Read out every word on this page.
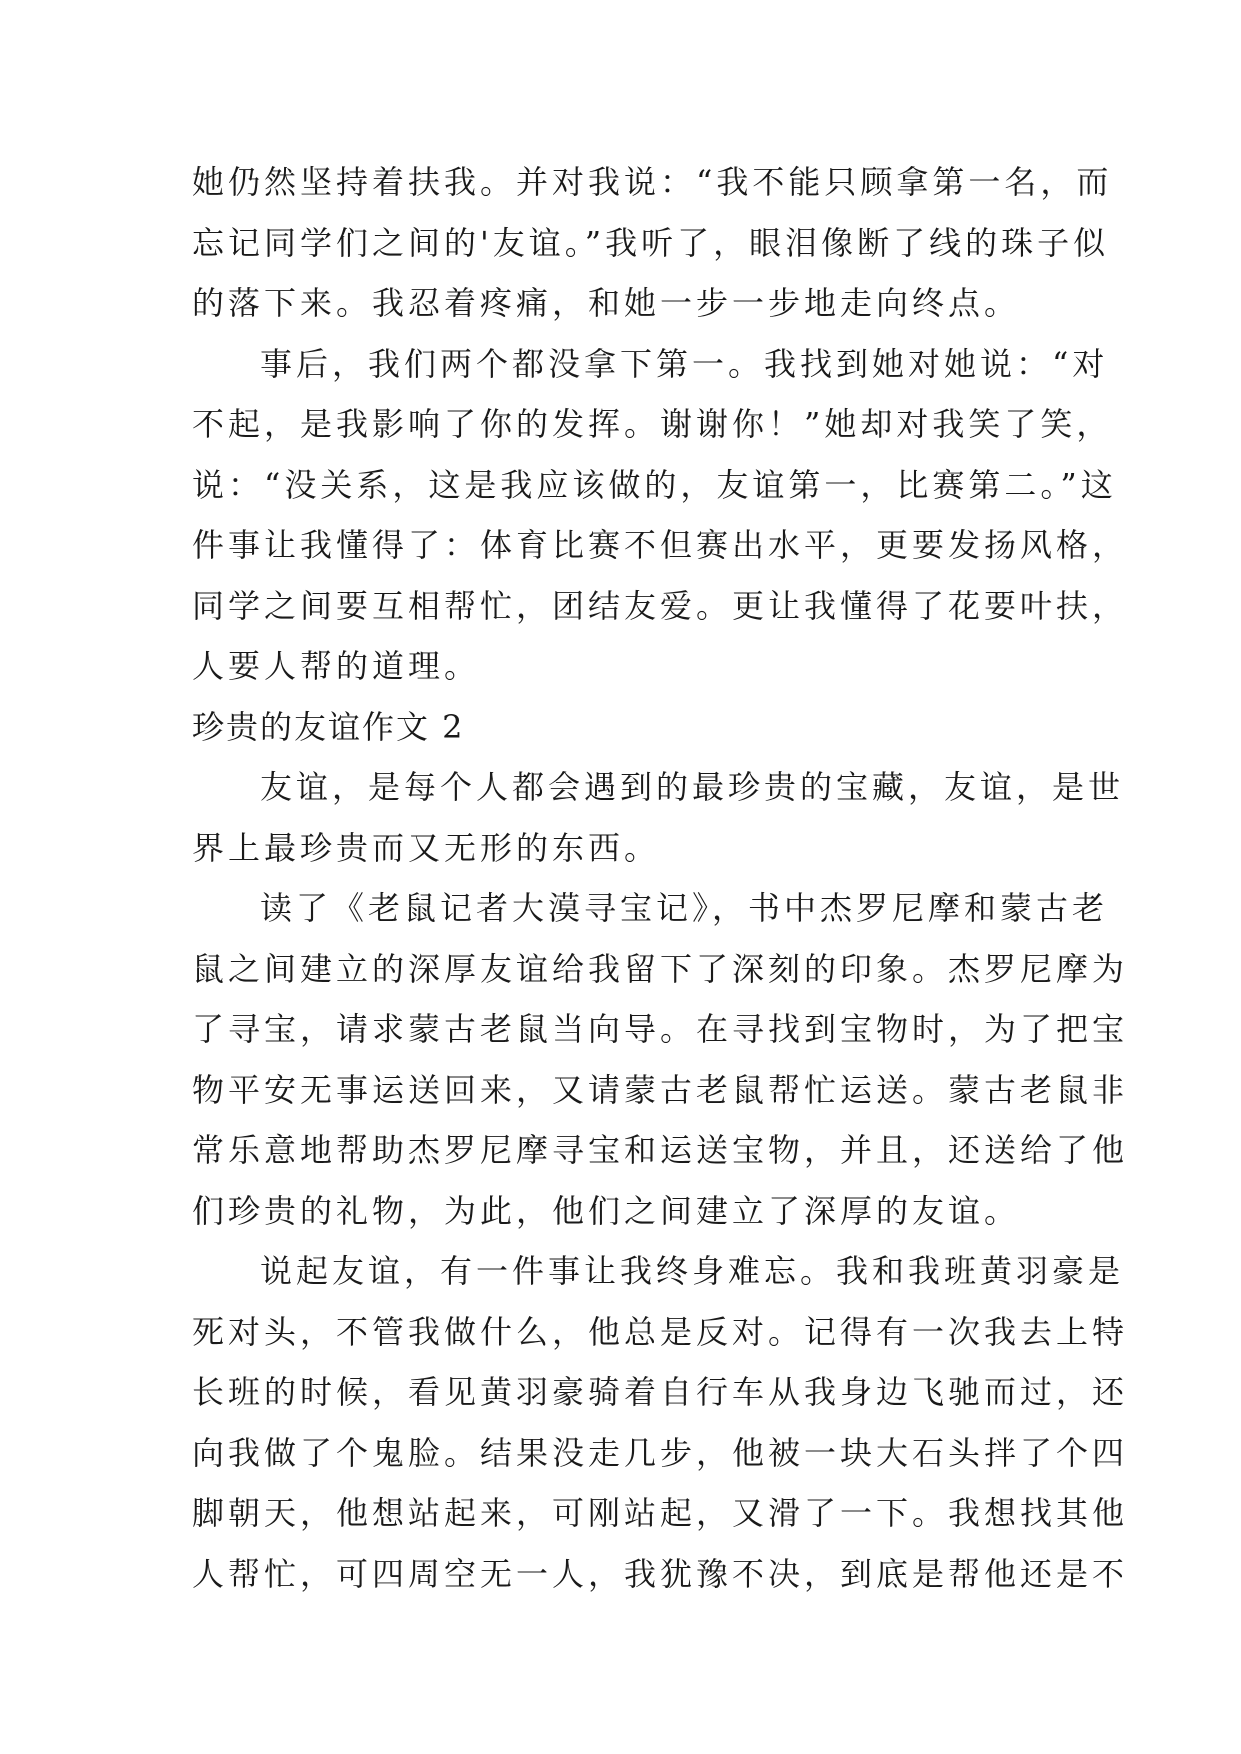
她仍然坚持着扶我。并对我说：“我不能只顾拿第一名，而
忘记同学们之间的'友谊。”我听了，眼泪像断了线的珠子似
的落下来。我忍着疼痛，和她一步一步地走向终点。
事后，我们两个都没拿下第一。我找到她对她说：“对
不起，是我影响了你的发挥。谢谢你！”她却对我笑了笑，
说：“没关系，这是我应该做的，友谊第一，比赛第二。”这
件事让我懂得了：体育比赛不但赛出水平，更要发扬风格，
同学之间要互相帮忙，团结友爱。更让我懂得了花要叶扶，
人要人帮的道理。
珍贵的友谊作文 2
友谊，是每个人都会遇到的最珍贵的宝藏，友谊，是世
界上最珍贵而又无形的东西。
读了《老鼠记者大漠寻宝记》，书中杰罗尼摩和蒙古老
鼠之间建立的深厚友谊给我留下了深刻的印象。杰罗尼摩为
了寻宝，请求蒙古老鼠当向导。在寻找到宝物时，为了把宝
物平安无事运送回来，又请蒙古老鼠帮忙运送。蒙古老鼠非
常乐意地帮助杰罗尼摩寻宝和运送宝物，并且，还送给了他
们珍贵的礼物，为此，他们之间建立了深厚的友谊。
说起友谊，有一件事让我终身难忘。我和我班黄羽豪是
死对头，不管我做什么，他总是反对。记得有一次我去上特
长班的时候，看见黄羽豪骑着自行车从我身边飞驰而过，还
向我做了个鬼脸。结果没走几步，他被一块大石头拌了个四
脚朝天，他想站起来，可刚站起，又滑了一下。我想找其他
人帮忙，可四周空无一人，我犹豫不决，到底是帮他还是不
